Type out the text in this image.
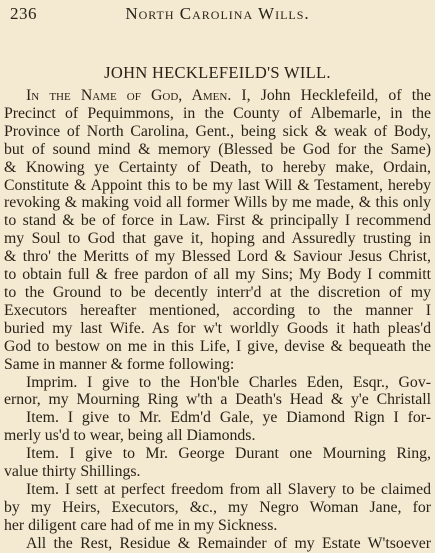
236	North Carolina Wills.
JOHN HECKLEFEILD'S WILL.
In the Name of God, Amen. I, John Hecklefeild, of the
Precinct of Pequimmons, in the County of Albemarle, in the
Province of North Carolina, Gent., being sick & weak of Body,
but of sound mind & memory (Blessed be God for the Same)
& Knowing ye Certainty of Death, to hereby make, Ordain,
Constitute & Appoint this to be my last Will & Testament, hereby
revoking & making void all former Wills by me made, & this only
to stand & be of force in Law. First & principally I recommend
my Soul to God that gave it, hoping and Assuredly trusting in
& thro' the Meritts of my Blessed Lord & Saviour Jesus Christ,
to obtain full & free pardon of all my Sins; My Body I committ
to the Ground to be decently interr'd at the discretion of my
Executors hereafter mentioned, according to the manner I
buried my last Wife. As for w't worldly Goods it hath pleas'd
God to bestow on me in this Life, I give, devise & bequeath the
Same in manner & forme following:
Imprim. I give to the Hon'ble Charles Eden, Esqr., Gov-
ernor, my Mourning Ring w'th a Death's Head & y'e Christall
Item. I give to Mr. Edm'd Gale, ye Diamond Rign I for-
merly us'd to wear, being all Diamonds.
Item. I give to Mr. George Durant one Mourning Ring,
value thirty Shillings.
Item. I sett at perfect freedom from all Slavery to be claimed
by my Heirs, Executors, &c., my Negro Woman Jane, for
her diligent care had of me in my Sickness.
All the Rest, Residue & Remainder of my Estate W'tsoever
